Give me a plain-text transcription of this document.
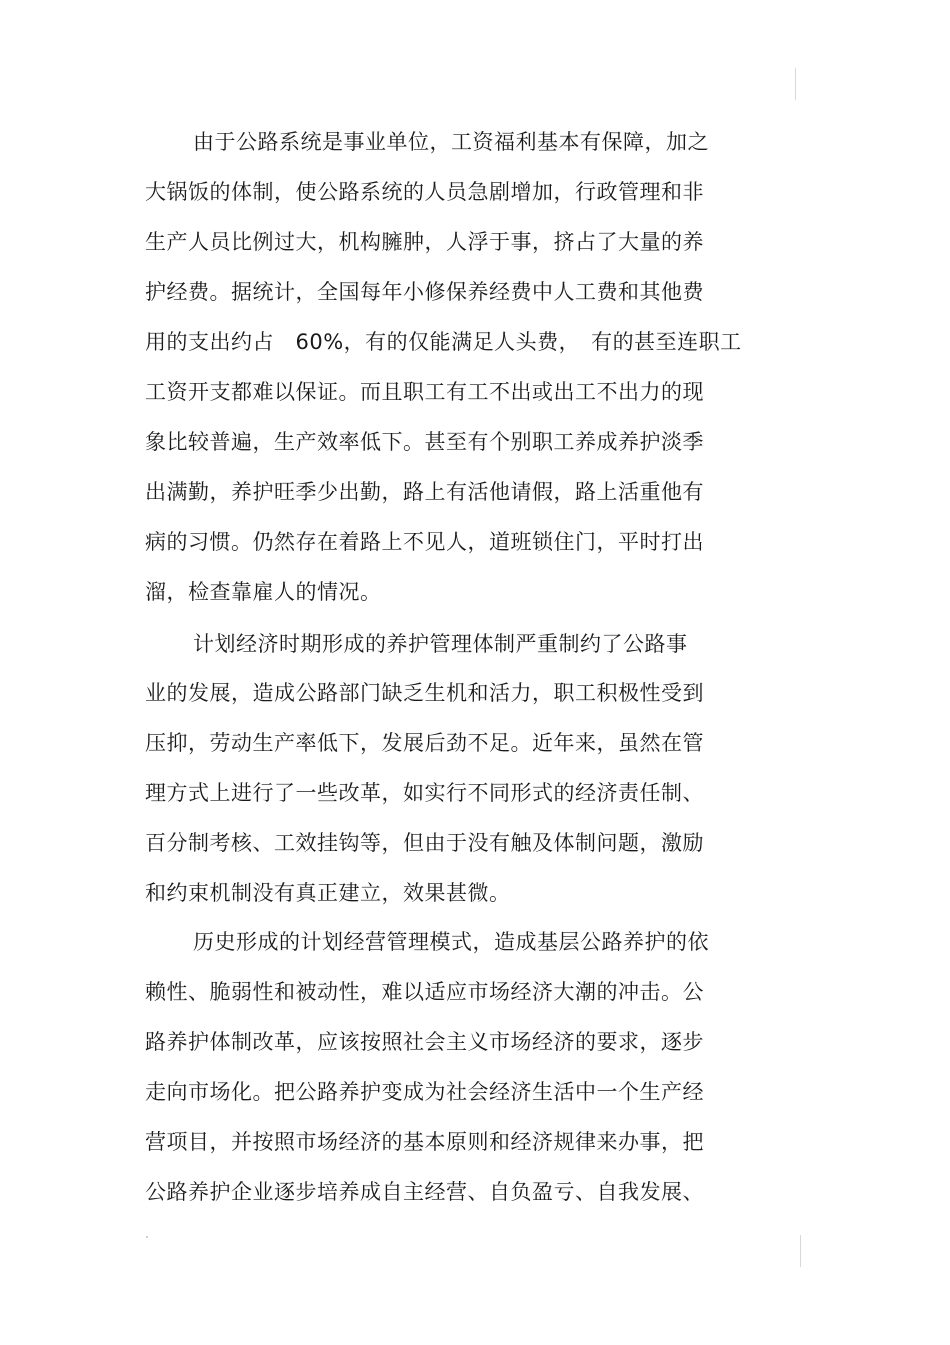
由于公路系统是事业单位，工资福利基本有保障，加之
大锅饭的体制，使公路系统的人员急剧增加，行政管理和非
生产人员比例过大，机构臃肿，人浮于事，挤占了大量的养
护经费。据统计，全国每年小修保养经费中人工费和其他费
用的支出约占　60%，有的仅能满足人头费，　有的甚至连职工
工资开支都难以保证。而且职工有工不出或出工不出力的现
象比较普遍，生产效率低下。甚至有个别职工养成养护淡季
出满勤，养护旺季少出勤，路上有活他请假，路上活重他有
病的习惯。仍然存在着路上不见人，道班锁住门，平时打出
溜，检查靠雇人的情况。
计划经济时期形成的养护管理体制严重制约了公路事
业的发展，造成公路部门缺乏生机和活力，职工积极性受到
压抑，劳动生产率低下，发展后劲不足。近年来，虽然在管
理方式上进行了一些改革，如实行不同形式的经济责任制、
百分制考核、工效挂钩等，但由于没有触及体制问题，激励
和约束机制没有真正建立，效果甚微。
历史形成的计划经营管理模式，造成基层公路养护的依
赖性、脆弱性和被动性，难以适应市场经济大潮的冲击。公
路养护体制改革，应该按照社会主义市场经济的要求，逐步
走向市场化。把公路养护变成为社会经济生活中一个生产经
营项目，并按照市场经济的基本原则和经济规律来办事，把
公路养护企业逐步培养成自主经营、自负盈亏、自我发展、
